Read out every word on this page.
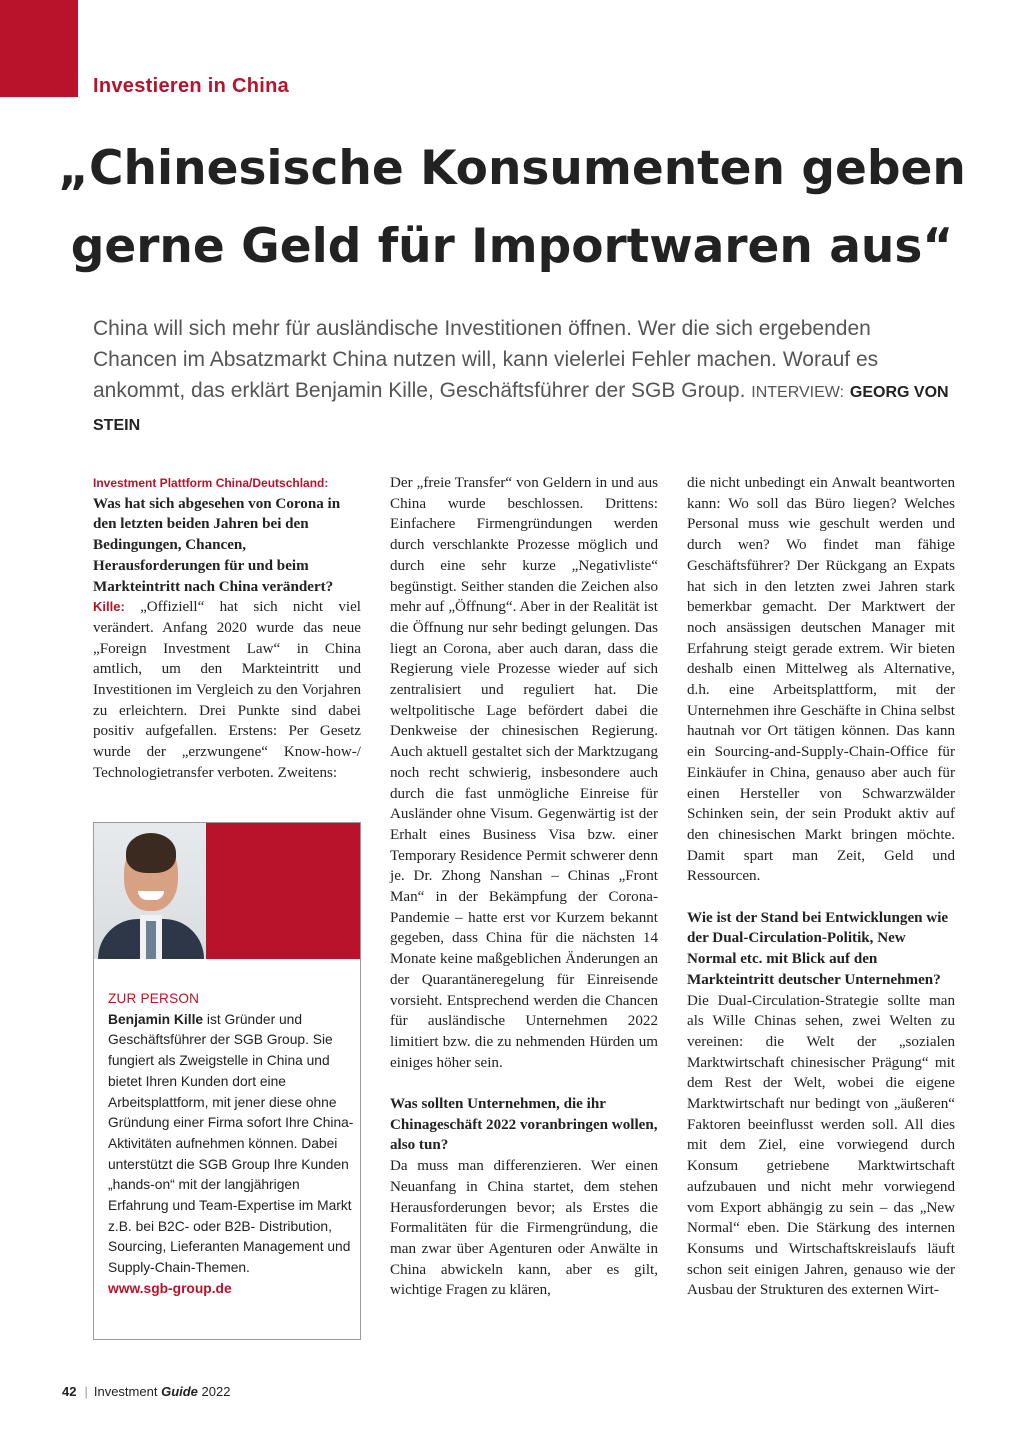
Investieren in China
„Chinesische Konsumenten geben gerne Geld für Importwaren aus“

China will sich mehr für ausländische Investitionen öffnen. Wer die sich ergebenden Chancen im Absatzmarkt China nutzen will, kann vielerlei Fehler machen. Worauf es ankommt, das erklärt Benjamin Kille, Geschäftsführer der SGB Group. INTERVIEW: GEORG VON STEIN

Investment Plattform China/Deutschland:
Was hat sich abgesehen von Corona in den letzten beiden Jahren bei den Bedingungen, Chancen, Herausforderungen für und beim Markteintritt nach China verändert?

Kille: „Offiziell“ hat sich nicht viel verändert. Anfang 2020 wurde das neue „Foreign Investment Law“ in China amtlich, um den Markteintritt und Investitionen im Vergleich zu den Vorjahren zu erleichtern. Drei Punkte sind dabei positiv aufgefallen. Erstens: Per Gesetz wurde der „erzwungene“ Know-how-/ Technologietransfer verboten. Zweitens:

ZUR PERSON
Benjamin Kille ist Gründer und Geschäftsführer der SGB Group. Sie fungiert als Zweigstelle in China und bietet Ihren Kunden dort eine Arbeitsplattform, mit jener diese ohne Gründung einer Firma sofort Ihre China-Aktivitäten aufnehmen können. Dabei unterstützt die SGB Group Ihre Kunden „hands-on“ mit der langjährigen Erfahrung und Team-Expertise im Markt z.B. bei B2C- oder B2B- Distribution, Sourcing, Lieferanten Management und Supply-Chain-Themen.
www.sgb-group.de

Der „freie Transfer“ von Geldern in und aus China wurde beschlossen. Drittens: Einfachere Firmengründungen werden durch verschlankte Prozesse möglich und durch eine sehr kurze „Negativliste“ begünstigt. Seither standen die Zeichen also mehr auf „Öffnung“. Aber in der Realität ist die Öffnung nur sehr bedingt gelungen. Das liegt an Corona, aber auch daran, dass die Regierung viele Prozesse wieder auf sich zentralisiert und reguliert hat. Die weltpolitische Lage befördert dabei die Denkweise der chinesischen Regierung. Auch aktuell gestaltet sich der Marktzugang noch recht schwierig, insbesondere auch durch die fast unmögliche Einreise für Ausländer ohne Visum. Gegenwärtig ist der Erhalt eines Business Visa bzw. einer Temporary Residence Permit schwerer denn je. Dr. Zhong Nanshan – Chinas „Front Man“ in der Bekämpfung der Corona-Pandemie – hatte erst vor Kurzem bekannt gegeben, dass China für die nächsten 14 Monate keine maßgeblichen Änderungen an der Quarantäneregelung für Einreisende vorsieht. Entsprechend werden die Chancen für ausländische Unternehmen 2022 limitiert bzw. die zu nehmenden Hürden um einiges höher sein.

Was sollten Unternehmen, die ihr Chinageschäft 2022 voranbringen wollen, also tun?

Da muss man differenzieren. Wer einen Neuanfang in China startet, dem stehen Herausforderungen bevor; als Erstes die Formalitäten für die Firmengründung, die man zwar über Agenturen oder Anwälte in China abwickeln kann, aber es gilt, wichtige Fragen zu klären,

die nicht unbedingt ein Anwalt beantworten kann: Wo soll das Büro liegen? Welches Personal muss wie geschult werden und durch wen? Wo findet man fähige Geschäftsführer? Der Rückgang an Expats hat sich in den letzten zwei Jahren stark bemerkbar gemacht. Der Marktwert der noch ansässigen deutschen Manager mit Erfahrung steigt gerade extrem. Wir bieten deshalb einen Mittelweg als Alternative, d.h. eine Arbeitsplattform, mit der Unternehmen ihre Geschäfte in China selbst hautnah vor Ort tätigen können. Das kann ein Sourcing-and-Supply-Chain-Office für Einkäufer in China, genauso aber auch für einen Hersteller von Schwarzwälder Schinken sein, der sein Produkt aktiv auf den chinesischen Markt bringen möchte. Damit spart man Zeit, Geld und Ressourcen.

Wie ist der Stand bei Entwicklungen wie der Dual-Circulation-Politik, New Normal etc. mit Blick auf den Markteintritt deutscher Unternehmen?

Die Dual-Circulation-Strategie sollte man als Wille Chinas sehen, zwei Welten zu vereinen: die Welt der „sozialen Marktwirtschaft chinesischer Prägung“ mit dem Rest der Welt, wobei die eigene Marktwirtschaft nur bedingt von „äußeren“ Faktoren beeinflusst werden soll. All dies mit dem Ziel, eine vorwiegend durch Konsum getriebene Marktwirtschaft aufzubauen und nicht mehr vorwiegend vom Export abhängig zu sein – das „New Normal“ eben. Die Stärkung des internen Konsums und Wirtschaftskreislaufs läuft schon seit einigen Jahren, genauso wie der Ausbau der Strukturen des externen Wirt-

42 | Investment Guide 2022
